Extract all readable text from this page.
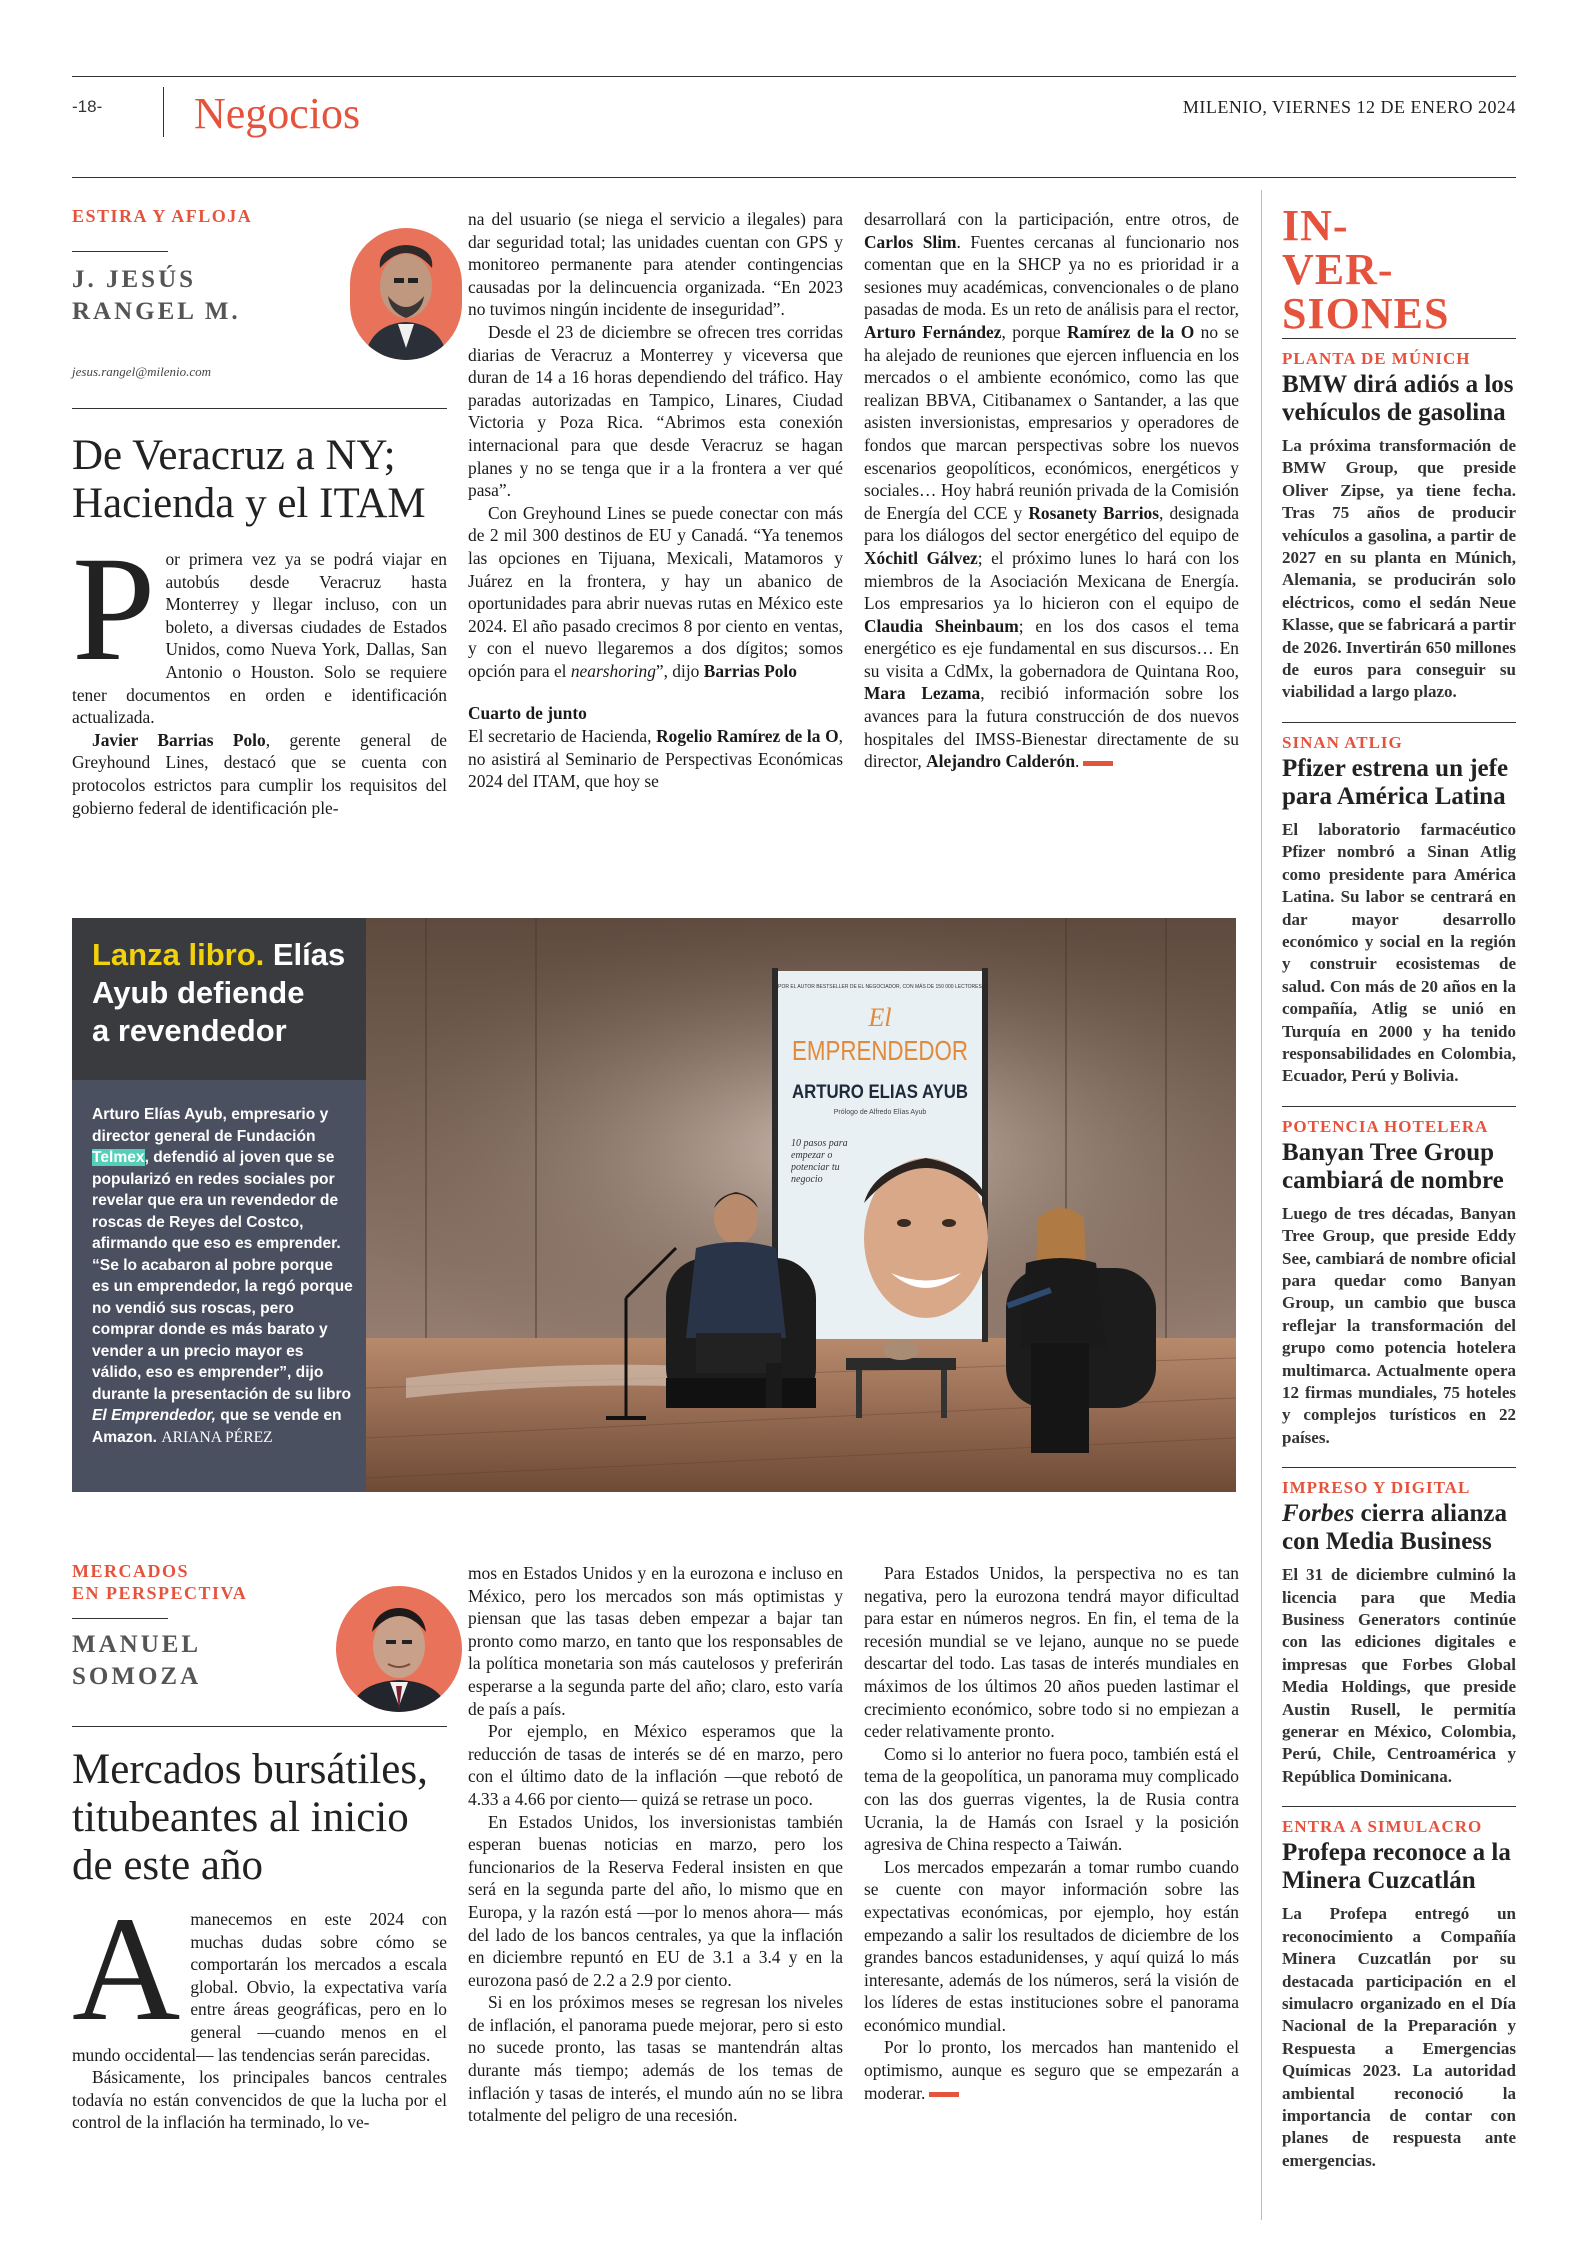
-18- Negocios	MILENIO, VIERNES 12 DE ENERO 2024
ESTIRA Y AFLOJA
J. JESÚS
RANGEL M.
jesus.rangel@milenio.com
De Veracruz a NY;
Hacienda y el ITAM

Por primera vez ya se podrá viajar en autobús desde Veracruz hasta Monterrey y llegar incluso, con un boleto, a diversas ciudades de Estados Unidos, como Nueva York, Dallas, San Antonio o Houston. Solo se requiere tener documentos en orden e identificación actualizada.

Javier Barrias Polo, gerente general de Greyhound Lines, destacó que se cuenta con protocolos estrictos para cumplir los requisitos del gobierno federal de identificación ple-

na del usuario (se niega el servicio a ilegales) para dar seguridad total; las unidades cuentan con GPS y monitoreo permanente para atender contingencias causadas por la delincuencia organizada. “En 2023 no tuvimos ningún incidente de inseguridad”.

Desde el 23 de diciembre se ofrecen tres corridas diarias de Veracruz a Monterrey y viceversa que duran de 14 a 16 horas dependiendo del tráfico. Hay paradas autorizadas en Tampico, Linares, Ciudad Victoria y Poza Rica. “Abrimos esta conexión internacional para que desde Veracruz se hagan planes y no se tenga que ir a la frontera a ver qué pasa”.

Con Greyhound Lines se puede conectar con más de 2 mil 300 destinos de EU y Canadá. “Ya tenemos las opciones en Tijuana, Mexicali, Matamoros y Juárez en la frontera, y hay un abanico de oportunidades para abrir nuevas rutas en México este 2024. El año pasado crecimos 8 por ciento en ventas, y con el nuevo llegaremos a dos dígitos; somos opción para el nearshoring”, dijo Barrias Polo

Cuarto de junto

El secretario de Hacienda, Rogelio Ramírez de la O, no asistirá al Seminario de Perspectivas Económicas 2024 del ITAM, que hoy se

desarrollará con la participación, entre otros, de Carlos Slim. Fuentes cercanas al funcionario nos comentan que en la SHCP ya no es prioridad ir a sesiones muy académicas, convencionales o de plano pasadas de moda. Es un reto de análisis para el rector, Arturo Fernández, porque Ramírez de la O no se ha alejado de reuniones que ejercen influencia en los mercados o el ambiente económico, como las que realizan BBVA, Citibanamex o Santander, a las que asisten inversionistas, empresarios y operadores de fondos que marcan perspectivas sobre los nuevos escenarios geopolíticos, económicos, energéticos y sociales… Hoy habrá reunión privada de la Comisión de Energía del CCE y Rosanety Barrios, designada para los diálogos del sector energético del equipo de Xóchitl Gálvez; el próximo lunes lo hará con los miembros de la Asociación Mexicana de Energía. Los empresarios ya lo hicieron con el equipo de Claudia Sheinbaum; en los dos casos el tema energético es eje fundamental en sus discursos… En su visita a CdMx, la gobernadora de Quintana Roo, Mara Lezama, recibió información sobre los avances para la futura construcción de dos nuevos hospitales del IMSS-Bienestar directamente de su director, Alejandro Calderón.

Lanza libro. Elías
Ayub defiende
a revendedor
Arturo Elías Ayub, empresario y director general de Fundación Telmex, defendió al joven que se popularizó en redes sociales por revelar que era un revendedor de roscas de Reyes del Costco, afirmando que eso es emprender. “Se lo acabaron al pobre porque es un emprendedor, la regó porque no vendió sus roscas, pero comprar donde es más barato y vender a un precio mayor es válido, eso es emprender”, dijo durante la presentación de su libro El Emprendedor, que se vende en Amazon. ARIANA PÉREZ
POR EL AUTOR BESTSELLER DE EL NEGOCIADOR, CON MÁS DE 150 000 LECTORES
El
EMPRENDEDOR
ARTURO ELIAS AYUB
Prólogo de Alfredo Elías Ayub
10 pasos para empezar o potenciar tu negocio
MERCADOS
EN PERSPECTIVA
MANUEL
SOMOZA
Mercados bursátiles,
titubeantes al inicio
de este año

Amanecemos en este 2024 con muchas dudas sobre cómo se comportarán los mercados a escala global. Obvio, la expectativa varía entre áreas geográficas, pero en lo general —cuando menos en el mundo occidental— las tendencias serán parecidas.

Básicamente, los principales bancos centrales todavía no están convencidos de que la lucha por el control de la inflación ha terminado, lo ve-

mos en Estados Unidos y en la eurozona e incluso en México, pero los mercados son más optimistas y piensan que las tasas deben empezar a bajar tan pronto como marzo, en tanto que los responsables de la política monetaria son más cautelosos y preferirán esperarse a la segunda parte del año; claro, esto varía de país a país.

Por ejemplo, en México esperamos que la reducción de tasas de interés se dé en marzo, pero con el último dato de la inflación —que rebotó de 4.33 a 4.66 por ciento— quizá se retrase un poco.

En Estados Unidos, los inversionistas también esperan buenas noticias en marzo, pero los funcionarios de la Reserva Federal insisten en que será en la segunda parte del año, lo mismo que en Europa, y la razón está —por lo menos ahora— más del lado de los bancos centrales, ya que la inflación en diciembre repuntó en EU de 3.1 a 3.4 y en la eurozona pasó de 2.2 a 2.9 por ciento.

Si en los próximos meses se regresan los niveles de inflación, el panorama puede mejorar, pero si esto no sucede pronto, las tasas se mantendrán altas durante más tiempo; además de los temas de inflación y tasas de interés, el mundo aún no se libra totalmente del peligro de una recesión.

Para Estados Unidos, la perspectiva no es tan negativa, pero la eurozona tendrá mayor dificultad para estar en números negros. En fin, el tema de la recesión mundial se ve lejano, aunque no se puede descartar del todo. Las tasas de interés mundiales en máximos de los últimos 20 años pueden lastimar el crecimiento económico, sobre todo si no empiezan a ceder relativamente pronto.

Como si lo anterior no fuera poco, también está el tema de la geopolítica, un panorama muy complicado con las dos guerras vigentes, la de Rusia contra Ucrania, la de Hamás con Israel y la posición agresiva de China respecto a Taiwán.

Los mercados empezarán a tomar rumbo cuando se cuente con mayor información sobre las expectativas económicas, por ejemplo, hoy están empezando a salir los resultados de diciembre de los grandes bancos estadunidenses, y aquí quizá lo más interesante, además de los números, será la visión de los líderes de estas instituciones sobre el panorama económico mundial.

Por lo pronto, los mercados han mantenido el optimismo, aunque es seguro que se empezarán a moderar.

IN-
VER-
SIONES
PLANTA DE MÚNICH
BMW dirá adiós a los vehículos de gasolina
La próxima transformación de BMW Group, que preside Oliver Zipse, ya tiene fecha. Tras 75 años de producir vehículos a gasolina, a partir de 2027 en su planta en Múnich, Alemania, se producirán solo eléctricos, como el sedán Neue Klasse, que se fabricará a partir de 2026. Invertirán 650 millones de euros para conseguir su viabilidad a largo plazo.
SINAN ATLIG
Pfizer estrena un jefe para América Latina
El laboratorio farmacéutico Pfizer nombró a Sinan Atlig como presidente para América Latina. Su labor se centrará en dar mayor desarrollo económico y social en la región y construir ecosistemas de salud. Con más de 20 años en la compañía, Atlig se unió en Turquía en 2000 y ha tenido responsabilidades en Colombia, Ecuador, Perú y Bolivia.
POTENCIA HOTELERA
Banyan Tree Group cambiará de nombre
Luego de tres décadas, Banyan Tree Group, que preside Eddy See, cambiará de nombre oficial para quedar como Banyan Group, un cambio que busca reflejar la transformación del grupo como potencia hotelera multimarca. Actualmente opera 12 firmas mundiales, 75 hoteles y complejos turísticos en 22 países.
IMPRESO Y DIGITAL
Forbes cierra alianza con Media Business
El 31 de diciembre culminó la licencia para que Media Business Generators continúe con las ediciones digitales e impresas que Forbes Global Media Holdings, que preside Austin Rusell, le permitía generar en México, Colombia, Perú, Chile, Centroamérica y República Dominicana.
ENTRA A SIMULACRO
Profepa reconoce a la Minera Cuzcatlán
La Profepa entregó un reconocimiento a Compañía Minera Cuzcatlán por su destacada participación en el simulacro organizado en el Día Nacional de la Preparación y Respuesta a Emergencias Químicas 2023. La autoridad ambiental reconoció la importancia de contar con planes de respuesta ante emergencias.
